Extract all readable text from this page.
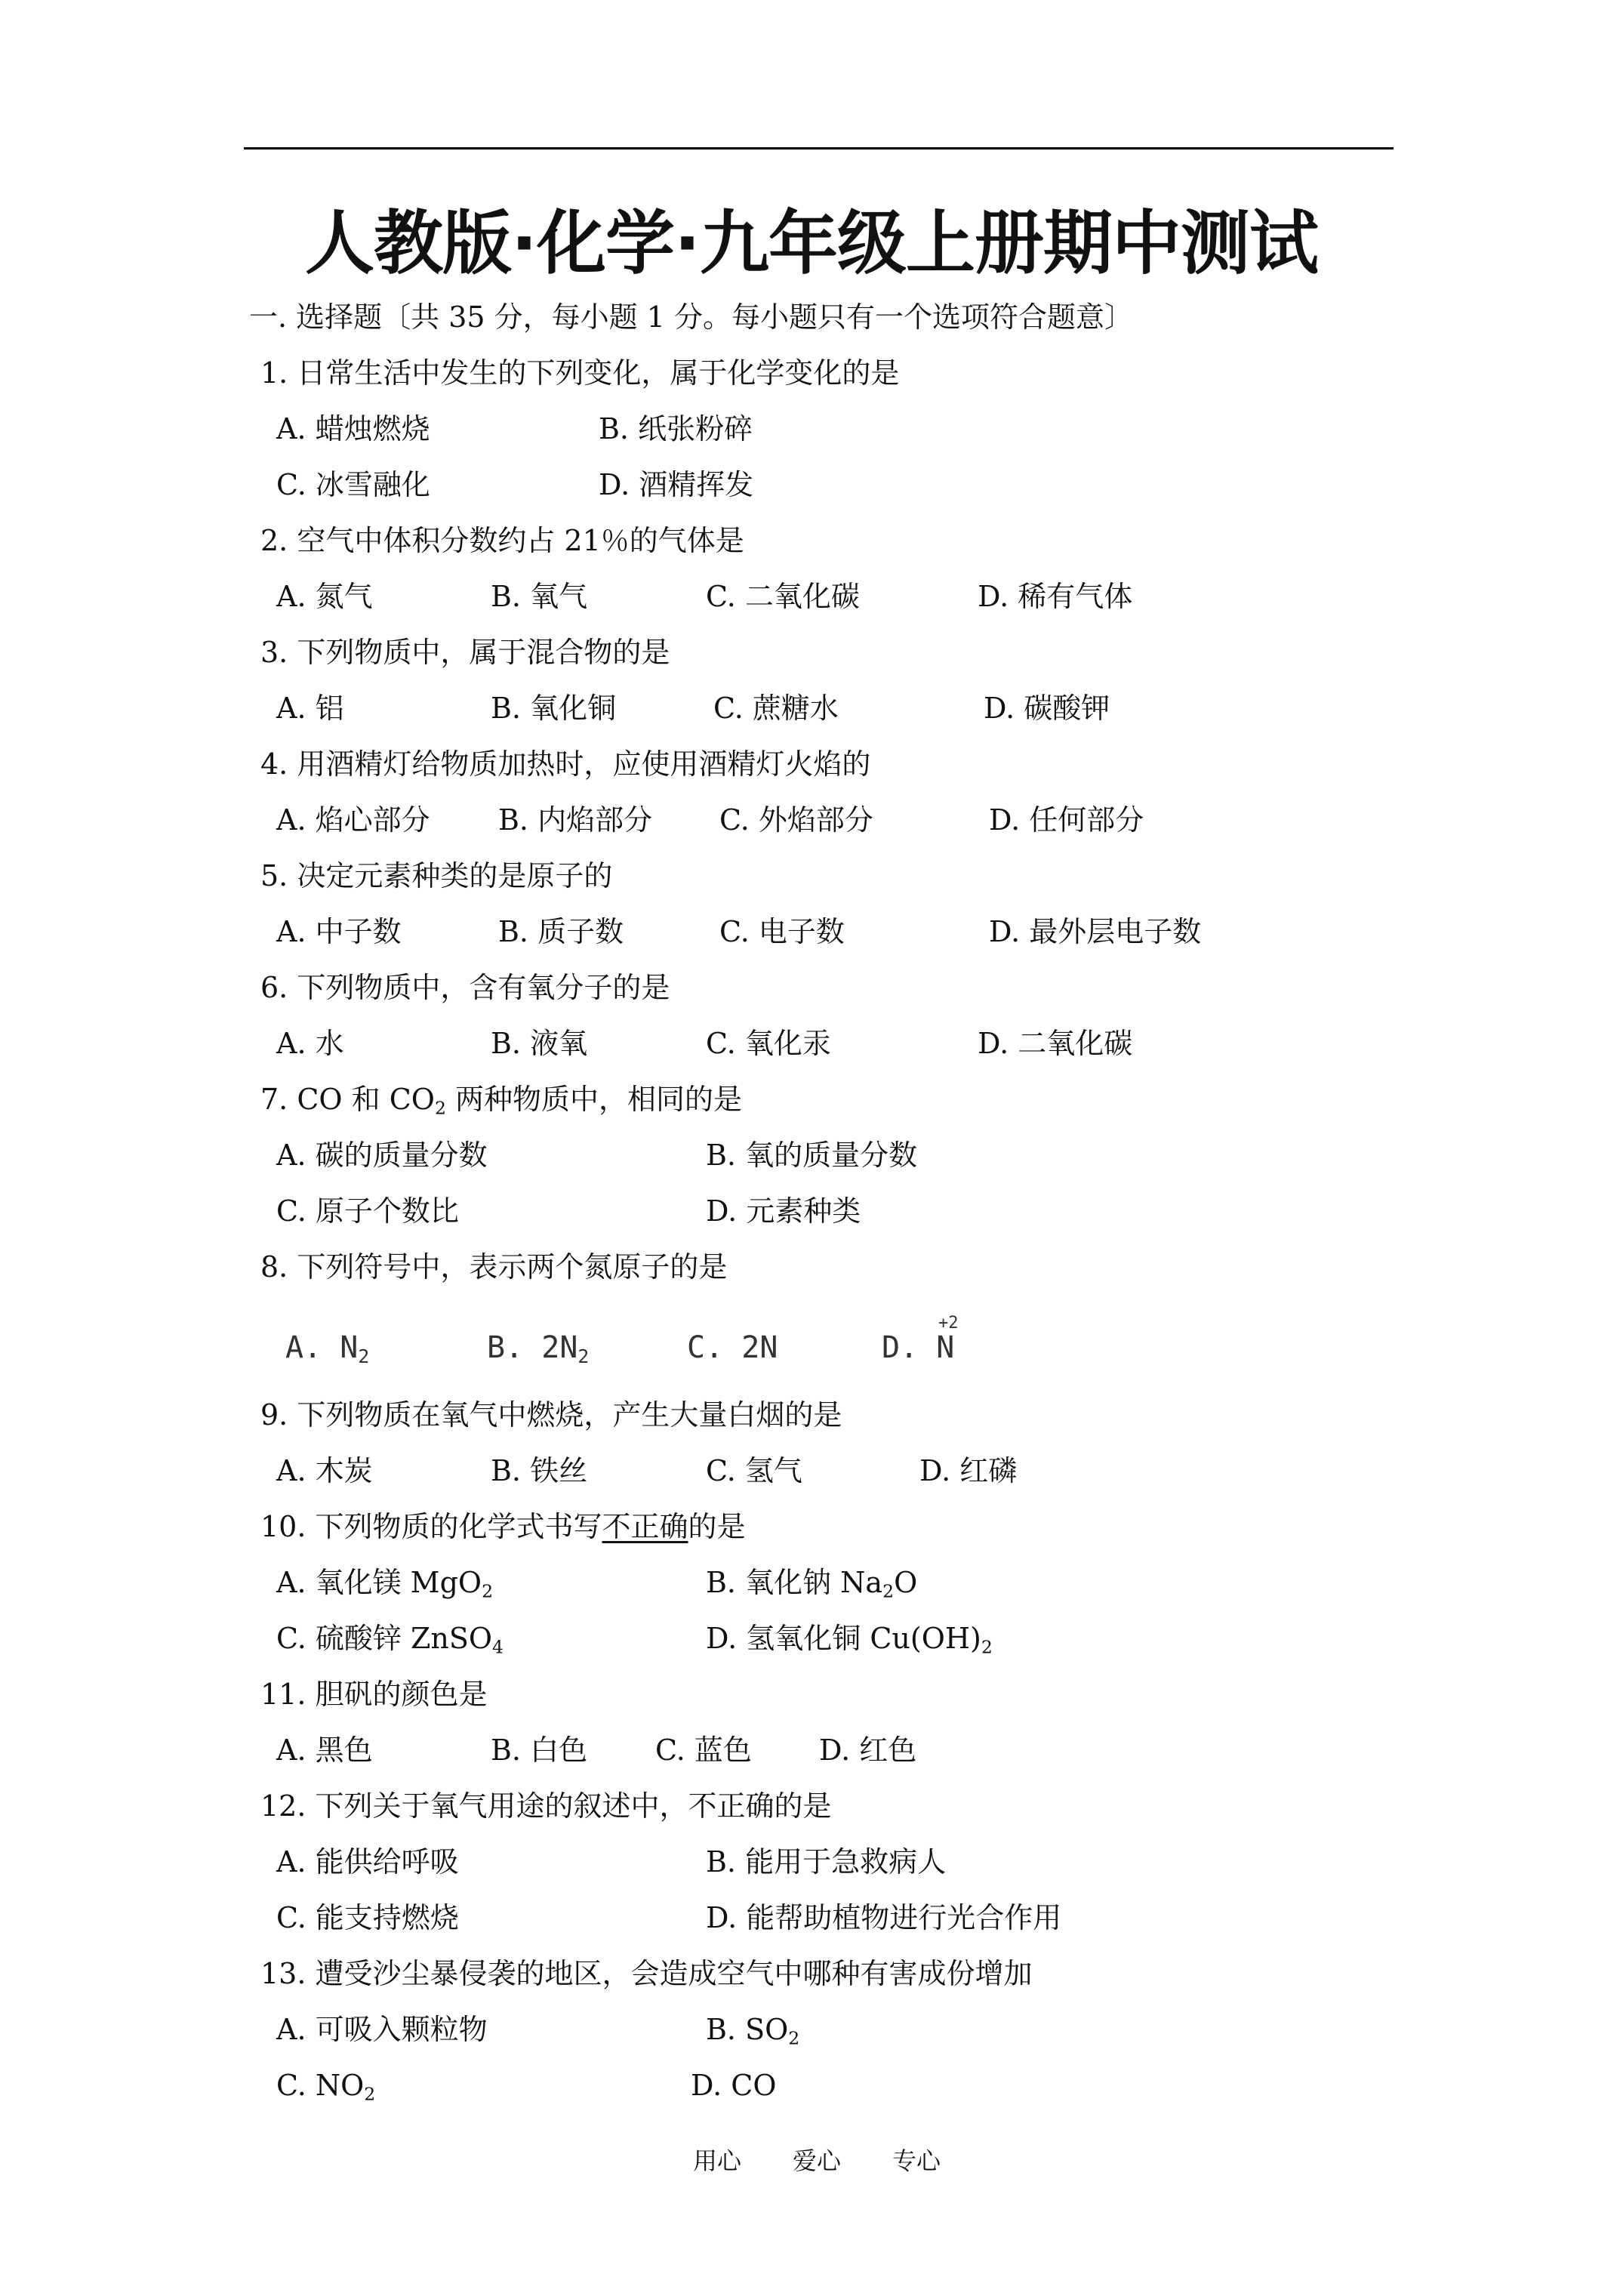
人教版·化学·九年级上册期中测试
一. 选择题〔共 35 分，每小题 1 分。每小题只有一个选项符合题意〕
1. 日常生活中发生的下列变化，属于化学变化的是
A. 蜡烛燃烧	B. 纸张粉碎
C. 冰雪融化	D. 酒精挥发
2. 空气中体积分数约占 21％的气体是
A. 氮气	B. 氧气	C. 二氧化碳	D. 稀有气体
3. 下列物质中，属于混合物的是
A. 铝	B. 氧化铜	C. 蔗糖水	D. 碳酸钾
4. 用酒精灯给物质加热时，应使用酒精灯火焰的
A. 焰心部分 B. 内焰部分 C. 外焰部分	D. 任何部分
5. 决定元素种类的是原子的
A. 中子数	B. 质子数	C. 电子数	D. 最外层电子数
6. 下列物质中，含有氧分子的是
A. 水	B. 液氧	C. 氧化汞	D. 二氧化碳
7. CO 和 $CO_2$ 两种物质中，相同的是
A. 碳的质量分数	B. 氧的质量分数
C. 原子个数比	D. 元素种类
8. 下列符号中，表示两个氮原子的是
A. $N_2$	B. $2N_2$	C. 2N	D. N
+2
9. 下列物质在氧气中燃烧，产生大量白烟的是
A. 木炭	B. 铁丝	C. 氢气	D. 红磷
10. 下列物质的化学式书写不正确的是
A. 氧化镁 MgO$_2$	B. 氧化钠 $Na_2O$
C. 硫酸锌 ZnSO$_4$	D. 氢氧化铜 $Cu(OH)_2$
11. 胆矾的颜色是
A. 黑色	B. 白色 C. 蓝色 D. 红色
12. 下列关于氧气用途的叙述中，不正确的是
A. 能供给呼吸	B. 能用于急救病人
C. 能支持燃烧	D. 能帮助植物进行光合作用
13. 遭受沙尘暴侵袭的地区，会造成空气中哪种有害成份增加
A. 可吸入颗粒物	B. $SO_2$
C. $NO_2$	D. CO
用心 爱心 专心
